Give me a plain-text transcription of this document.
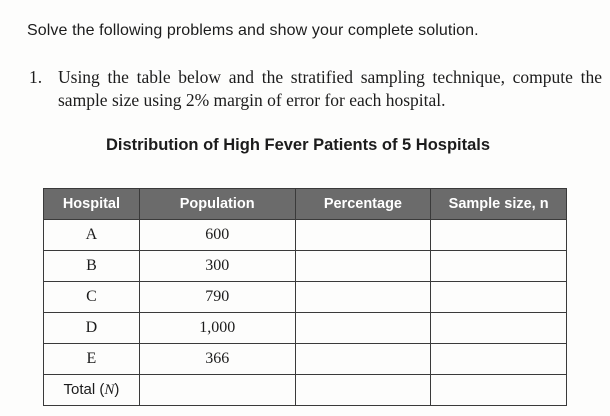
Solve the following problems and show your complete solution.
1. Using the table below and the stratified sampling technique, compute the sample size using 2% margin of error for each hospital.
Distribution of High Fever Patients of 5 Hospitals
Hospital	Population	Percentage	Sample size, n
A	600		
B	300		
C	790		
D	1,000		
E	366		
Total (N)			
